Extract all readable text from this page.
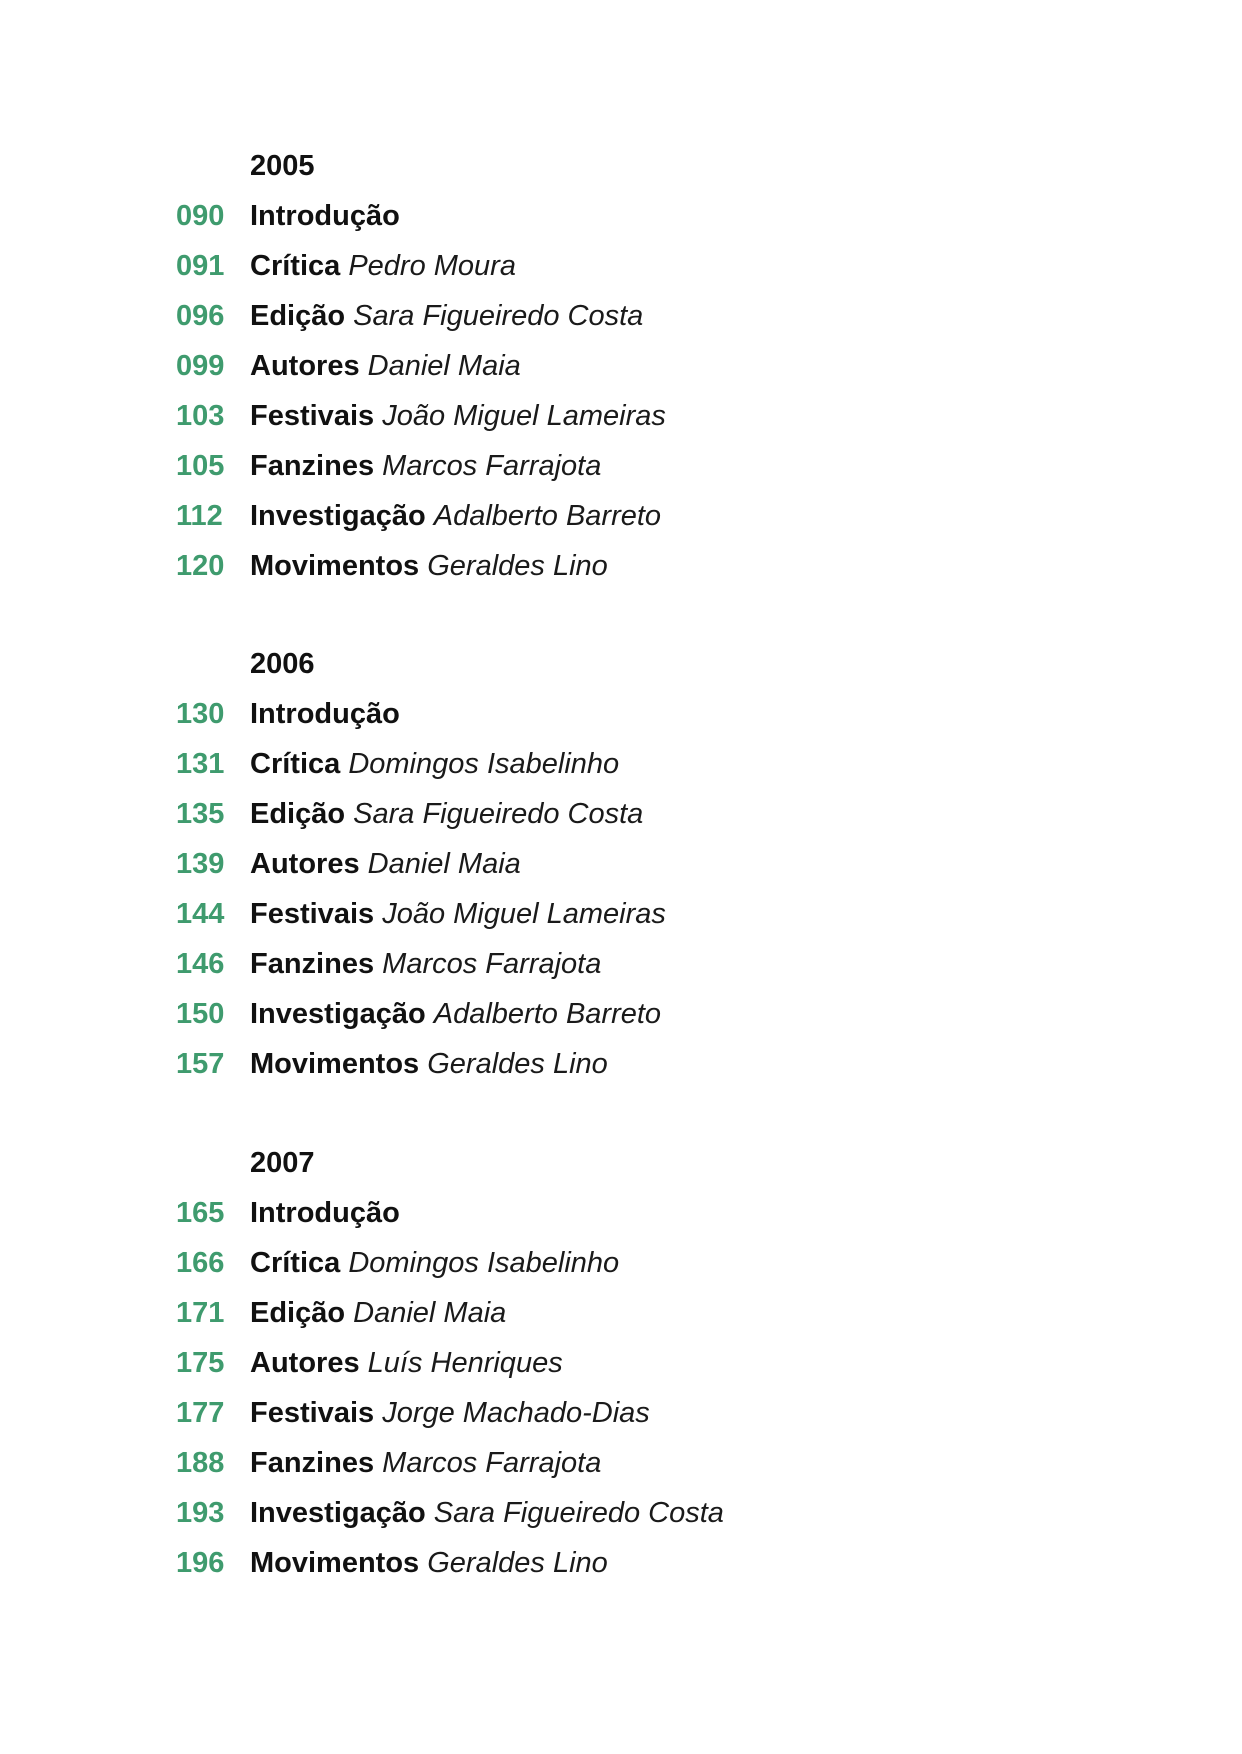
2005
090 Introdução
091 Crítica Pedro Moura
096 Edição Sara Figueiredo Costa
099 Autores Daniel Maia
103 Festivais João Miguel Lameiras
105 Fanzines Marcos Farrajota
112 Investigação Adalberto Barreto
120 Movimentos Geraldes Lino
2006
130 Introdução
131 Crítica Domingos Isabelinho
135 Edição Sara Figueiredo Costa
139 Autores Daniel Maia
144 Festivais João Miguel Lameiras
146 Fanzines Marcos Farrajota
150 Investigação Adalberto Barreto
157 Movimentos Geraldes Lino
2007
165 Introdução
166 Crítica Domingos Isabelinho
171 Edição Daniel Maia
175 Autores Luís Henriques
177 Festivais Jorge Machado-Dias
188 Fanzines Marcos Farrajota
193 Investigação Sara Figueiredo Costa
196 Movimentos Geraldes Lino
